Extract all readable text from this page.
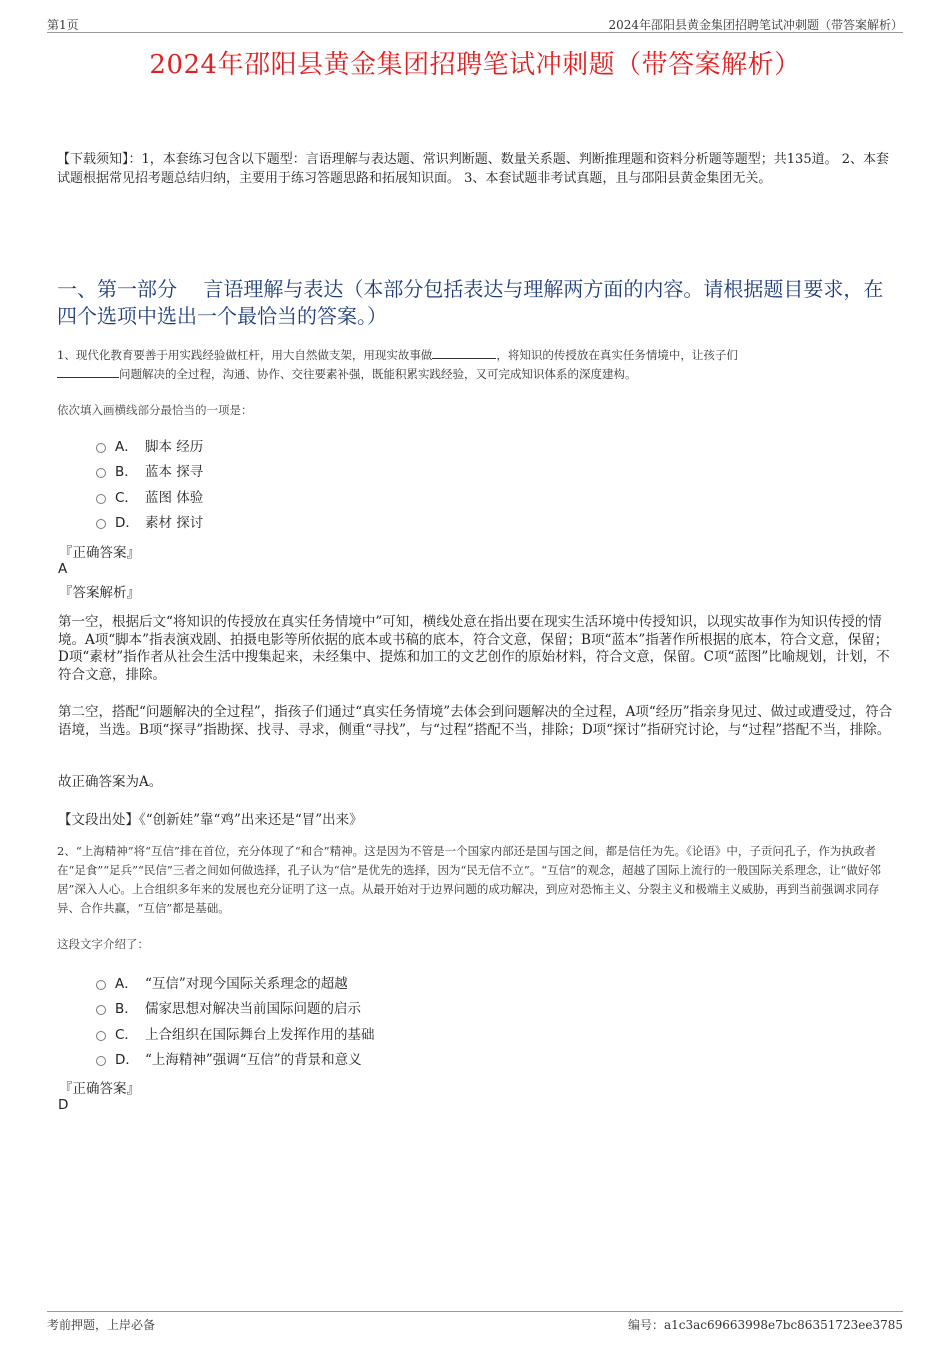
第1页	2024年邵阳县黄金集团招聘笔试冲刺题（带答案解析）
2024年邵阳县黄金集团招聘笔试冲刺题（带答案解析）
【下载须知】：1，本套练习包含以下题型：言语理解与表达题、常识判断题、数量关系题、判断推理题和资料分析题等题型；共135道。 2、本套试题根据常见招考题总结归纳，主要用于练习答题思路和拓展知识面。 3、本套试题非考试真题，且与邵阳县黄金集团无关。
一、第一部分　 言语理解与表达（本部分包括表达与理解两方面的内容。请根据题目要求，在四个选项中选出一个最恰当的答案。）
1、现代化教育要善于用实践经验做杠杆，用大自然做支架，用现实故事做	，将知识的传授放在真实任务情境中，让孩子们
问题解决的全过程，沟通、协作、交往要素补强，既能积累实践经验，又可完成知识体系的深度建构。
依次填入画横线部分最恰当的一项是：
A． 脚本 经历
B． 蓝本 探寻
C． 蓝图 体验
D． 素材 探讨
『正确答案』
A
『答案解析』
第一空，根据后文“将知识的传授放在真实任务情境中”可知，横线处意在指出要在现实生活环境中传授知识，以现实故事作为知识传授的情境。A项“脚本”指表演戏剧、拍摄电影等所依据的底本或书稿的底本，符合文意，保留；B项“蓝本”指著作所根据的底本，符合文意，保留；D项“素材”指作者从社会生活中搜集起来，未经集中、提炼和加工的文艺创作的原始材料，符合文意，保留。C项“蓝图”比喻规划，计划，不符合文意，排除。
第二空，搭配“问题解决的全过程”，指孩子们通过“真实任务情境”去体会到问题解决的全过程，A项“经历”指亲身见过、做过或遭受过，符合语境，当选。B项“探寻”指勘探、找寻、寻求，侧重“寻找”，与“过程”搭配不当，排除；D项“探讨”指研究讨论，与“过程”搭配不当，排除。
故正确答案为A。
【文段出处】《“创新娃”靠“鸡”出来还是“冒”出来》
2、“上海精神”将“互信”排在首位，充分体现了“和合”精神。这是因为不管是一个国家内部还是国与国之间，都是信任为先。《论语》中，子贡问孔子，作为执政者在“足食”“足兵”“民信”三者之间如何做选择，孔子认为“信”是优先的选择，因为“民无信不立”。“互信”的观念，超越了国际上流行的一般国际关系理念，让“做好邻居”深入人心。上合组织多年来的发展也充分证明了这一点。从最开始对于边界问题的成功解决，到应对恐怖主义、分裂主义和极端主义威胁，再到当前强调求同存异、合作共赢，“互信”都是基础。
这段文字介绍了：
A． “互信”对现今国际关系理念的超越
B． 儒家思想对解决当前国际问题的启示
C． 上合组织在国际舞台上发挥作用的基础
D． “上海精神”强调“互信”的背景和意义
『正确答案』
D
考前押题，上岸必备	编号：a1c3ac69663998e7bc86351723ee3785
